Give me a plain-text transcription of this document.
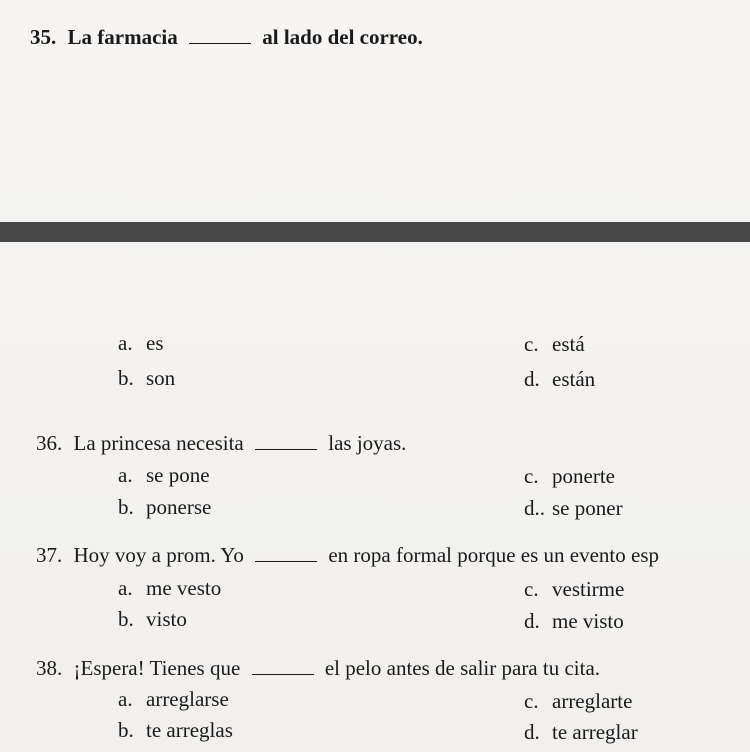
35. La farmacia	al lado del correo.
a. es
b. son
c. está
d. están
36. La princesa necesita	las joyas.
a. se pone
b. ponerse
c. ponerte
d.. se poner
37. Hoy voy a prom. Yo	en ropa formal porque es un evento esp
a. me vesto
b. visto
c. vestirme
d. me visto
38. ¡Espera! Tienes que	el pelo antes de salir para tu cita.
a. arreglarse
b. te arreglas
c. arreglarte
d. te arreglar
